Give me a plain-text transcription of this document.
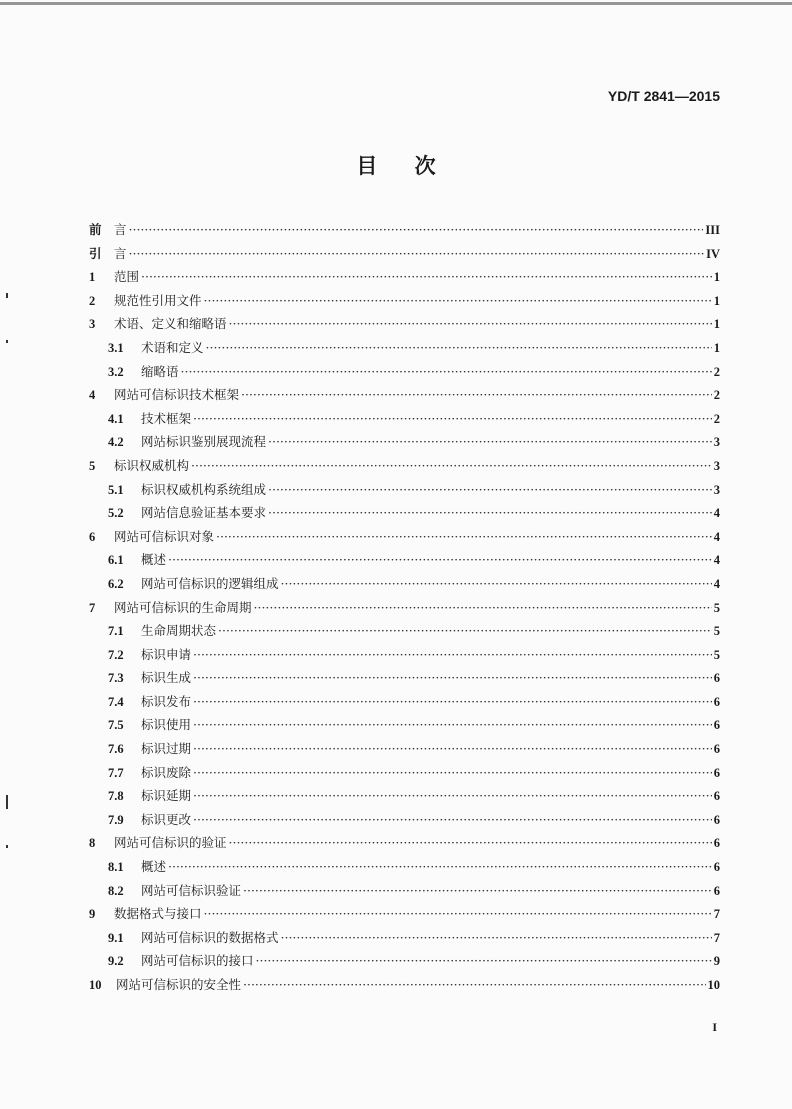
YD/T 2841—2015
目 次
前 言 ·····	III
引 言 ·····	IV
1	范围 ·····	1
2	规范性引用文件 ·····	1
3	术语、定义和缩略语 ·····	1
3.1	术语和定义 ·····	1
3.2	缩略语 ·····	2
4	网站可信标识技术框架 ·····	2
4.1	技术框架 ·····	2
4.2	网站标识鉴别展现流程 ·····	3
5	标识权威机构 ·····	3
5.1	标识权威机构系统组成 ·····	3
5.2	网站信息验证基本要求 ·····	4
6	网站可信标识对象 ·····	4
6.1	概述 ·····	4
6.2	网站可信标识的逻辑组成 ·····	4
7	网站可信标识的生命周期 ·····	5
7.1	生命周期状态 ·····	5
7.2	标识申请 ·····	5
7.3	标识生成 ·····	6
7.4	标识发布 ·····	6
7.5	标识使用 ·····	6
7.6	标识过期 ·····	6
7.7	标识废除 ·····	6
7.8	标识延期 ·····	6
7.9	标识更改 ·····	6
8	网站可信标识的验证 ·····	6
8.1	概述 ·····	6
8.2	网站可信标识验证 ·····	6
9	数据格式与接口 ·····	7
9.1	网站可信标识的数据格式 ·····	7
9.2	网站可信标识的接口 ·····	9
10	网站可信标识的安全性 ·····	10
I
